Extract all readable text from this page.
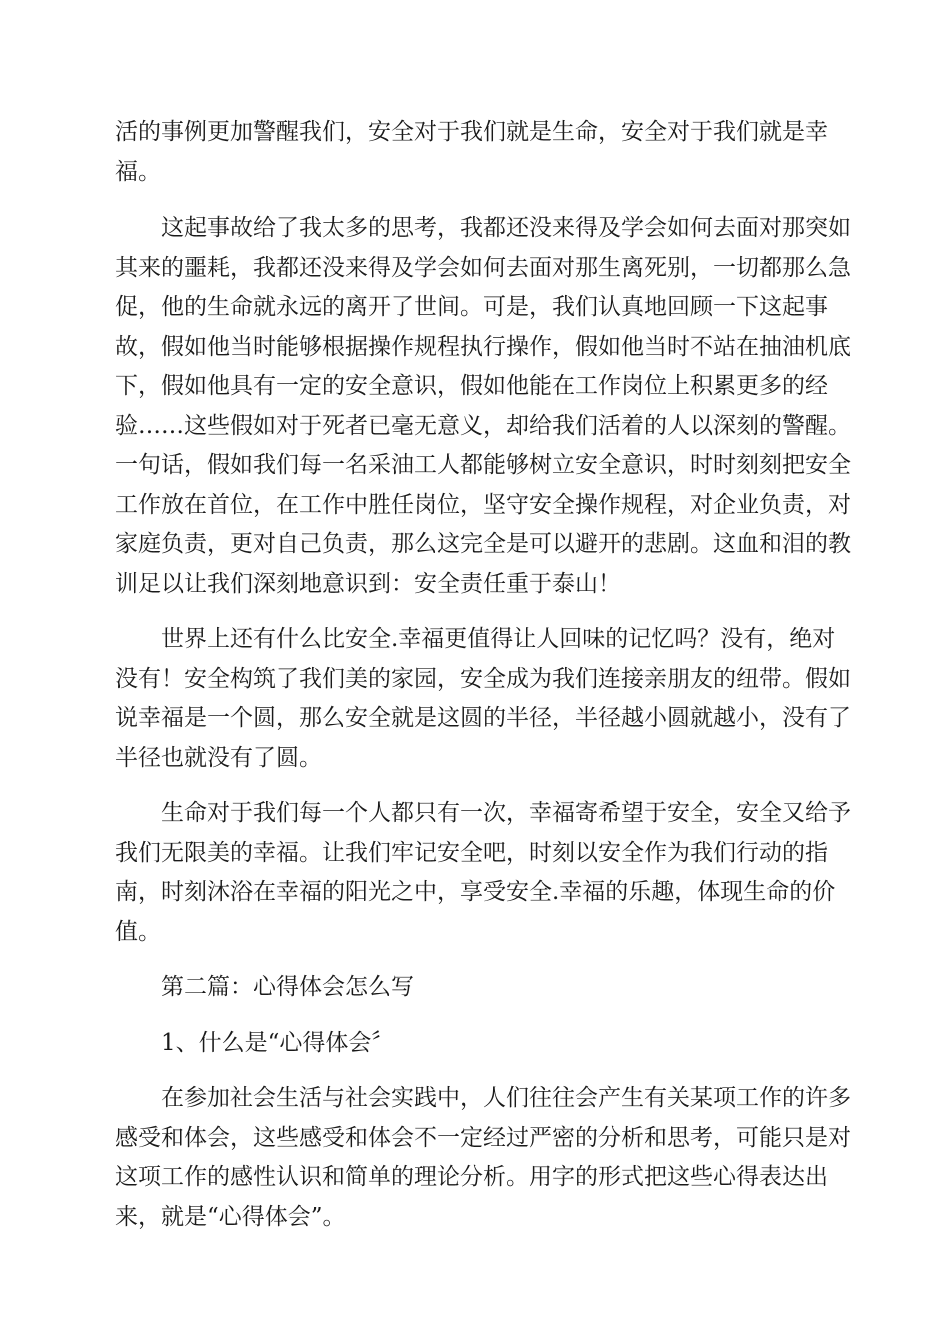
活的事例更加警醒我们，安全对于我们就是生命，安全对于我们就是幸
福。
　　这起事故给了我太多的思考，我都还没来得及学会如何去面对那突如
其来的噩耗，我都还没来得及学会如何去面对那生离死别，一切都那么急
促，他的生命就永远的离开了世间。可是，我们认真地回顾一下这起事
故，假如他当时能够根据操作规程执行操作，假如他当时不站在抽油机底
下，假如他具有一定的安全意识，假如他能在工作岗位上积累更多的经
验……这些假如对于死者已毫无意义，却给我们活着的人以深刻的警醒。
一句话，假如我们每一名采油工人都能够树立安全意识，时时刻刻把安全
工作放在首位，在工作中胜任岗位，坚守安全操作规程，对企业负责，对
家庭负责，更对自己负责，那么这完全是可以避开的悲剧。这血和泪的教
训足以让我们深刻地意识到：安全责任重于泰山！
　　世界上还有什么比安全.幸福更值得让人回味的记忆吗？没有，绝对
没有！安全构筑了我们美的家园，安全成为我们连接亲朋友的纽带。假如
说幸福是一个圆，那么安全就是这圆的半径，半径越小圆就越小，没有了
半径也就没有了圆。
　　生命对于我们每一个人都只有一次，幸福寄希望于安全，安全又给予
我们无限美的幸福。让我们牢记安全吧，时刻以安全作为我们行动的指
南，时刻沐浴在幸福的阳光之中，享受安全.幸福的乐趣，体现生命的价
值。
　　第二篇：心得体会怎么写
　　1、什么是“心得体会〞
　　在参加社会生活与社会实践中，人们往往会产生有关某项工作的许多
感受和体会，这些感受和体会不一定经过严密的分析和思考，可能只是对
这项工作的感性认识和简单的理论分析。用字的形式把这些心得表达出
来，就是“心得体会”。
